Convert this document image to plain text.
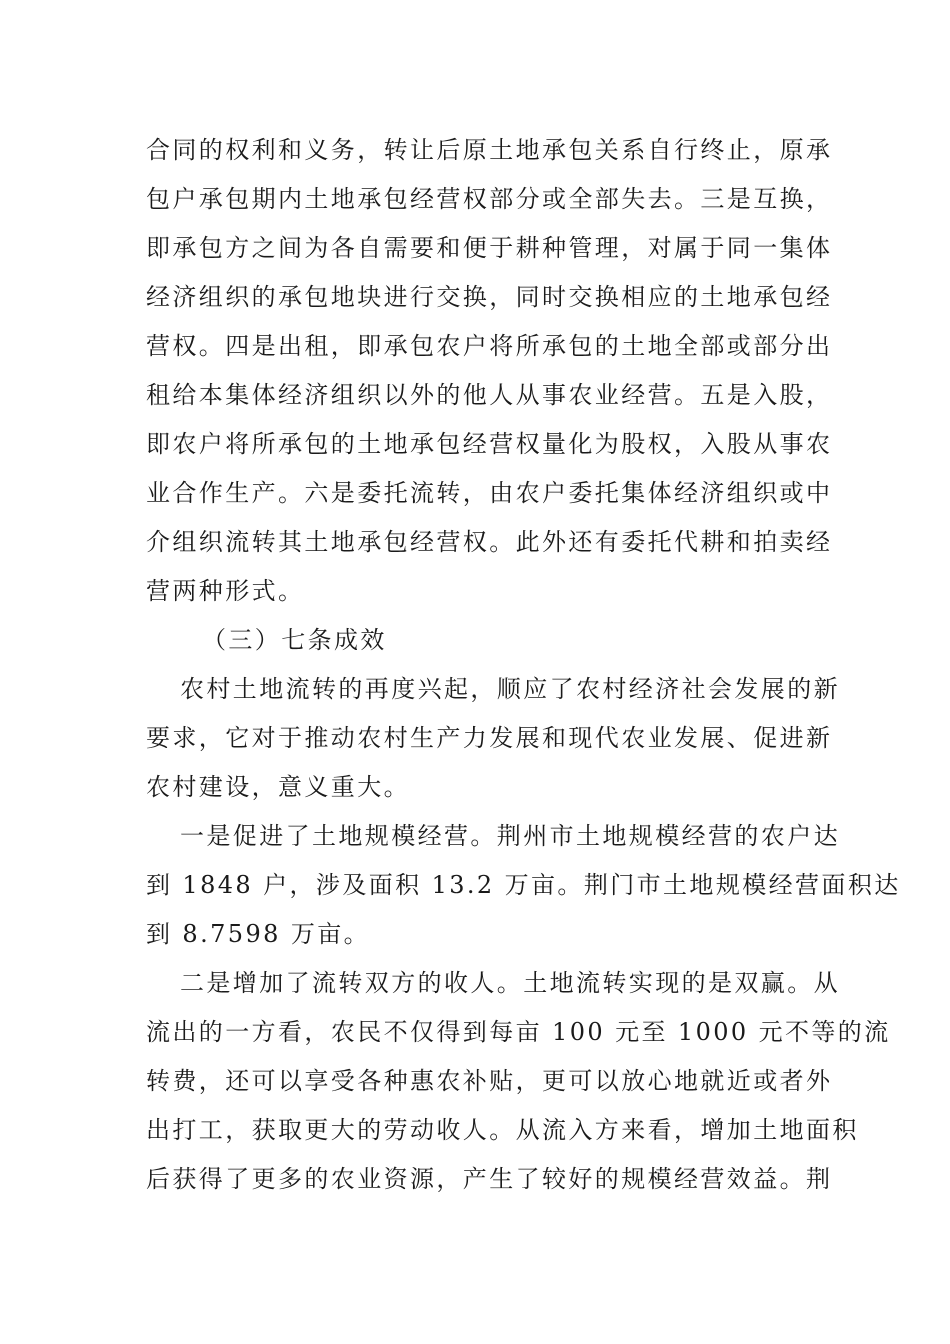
合同的权利和义务，转让后原土地承包关系自行终止，原承
包户承包期内土地承包经营权部分或全部失去。三是互换，
即承包方之间为各自需要和便于耕种管理，对属于同一集体
经济组织的承包地块进行交换，同时交换相应的土地承包经
营权。四是出租，即承包农户将所承包的土地全部或部分出
租给本集体经济组织以外的他人从事农业经营。五是入股，
即农户将所承包的土地承包经营权量化为股权，入股从事农
业合作生产。六是委托流转，由农户委托集体经济组织或中
介组织流转其土地承包经营权。此外还有委托代耕和拍卖经
营两种形式。
（三）七条成效
农村土地流转的再度兴起，顺应了农村经济社会发展的新
要求，它对于推动农村生产力发展和现代农业发展、促进新
农村建设，意义重大。
一是促进了土地规模经营。荆州市土地规模经营的农户达
到 1848 户，涉及面积 13.2 万亩。荆门市土地规模经营面积达
到 8.7598 万亩。
二是增加了流转双方的收人。土地流转实现的是双赢。从
流出的一方看，农民不仅得到每亩 100 元至 1000 元不等的流
转费，还可以享受各种惠农补贴，更可以放心地就近或者外
出打工，获取更大的劳动收人。从流入方来看，增加土地面积
后获得了更多的农业资源，产生了较好的规模经营效益。荆
